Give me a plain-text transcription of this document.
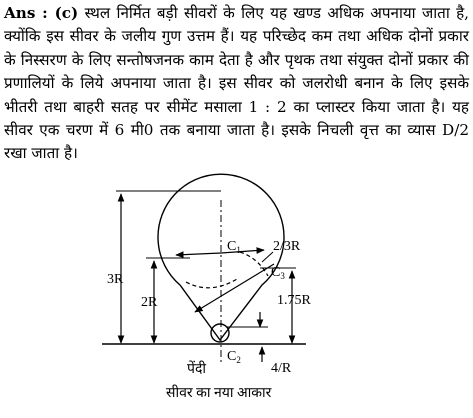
Ans : (c) स्थल निर्मित बड़ी सीवरों के लिए यह खण्ड अधिक अपनाया जाता है, क्योंकि इस सीवर के जलीय गुण उत्तम हैं। यह परिच्छेद कम तथा अधिक दोनों प्रकार के निस्सरण के लिए सन्तोषजनक काम देता है और पृथक तथा संयुक्त दोनों प्रकार की प्रणालियों के लिये अपनाया जाता है। इस सीवर को जलरोधी बनान के लिए इसके भीतरी तथा बाहरी सतह पर सीमेंट मसाला 1 : 2 का प्लास्टर किया जाता है। यह सीवर एक चरण में 6 मी0 तक बनाया जाता है। इसके निचली वृत्त का व्यास D/2 रखा जाता है।
$C_1$ 2/3R
$C_3$
3R
2R	1.75R
$C_2$
4/R
पेंदी
सीवर का नया आकार
